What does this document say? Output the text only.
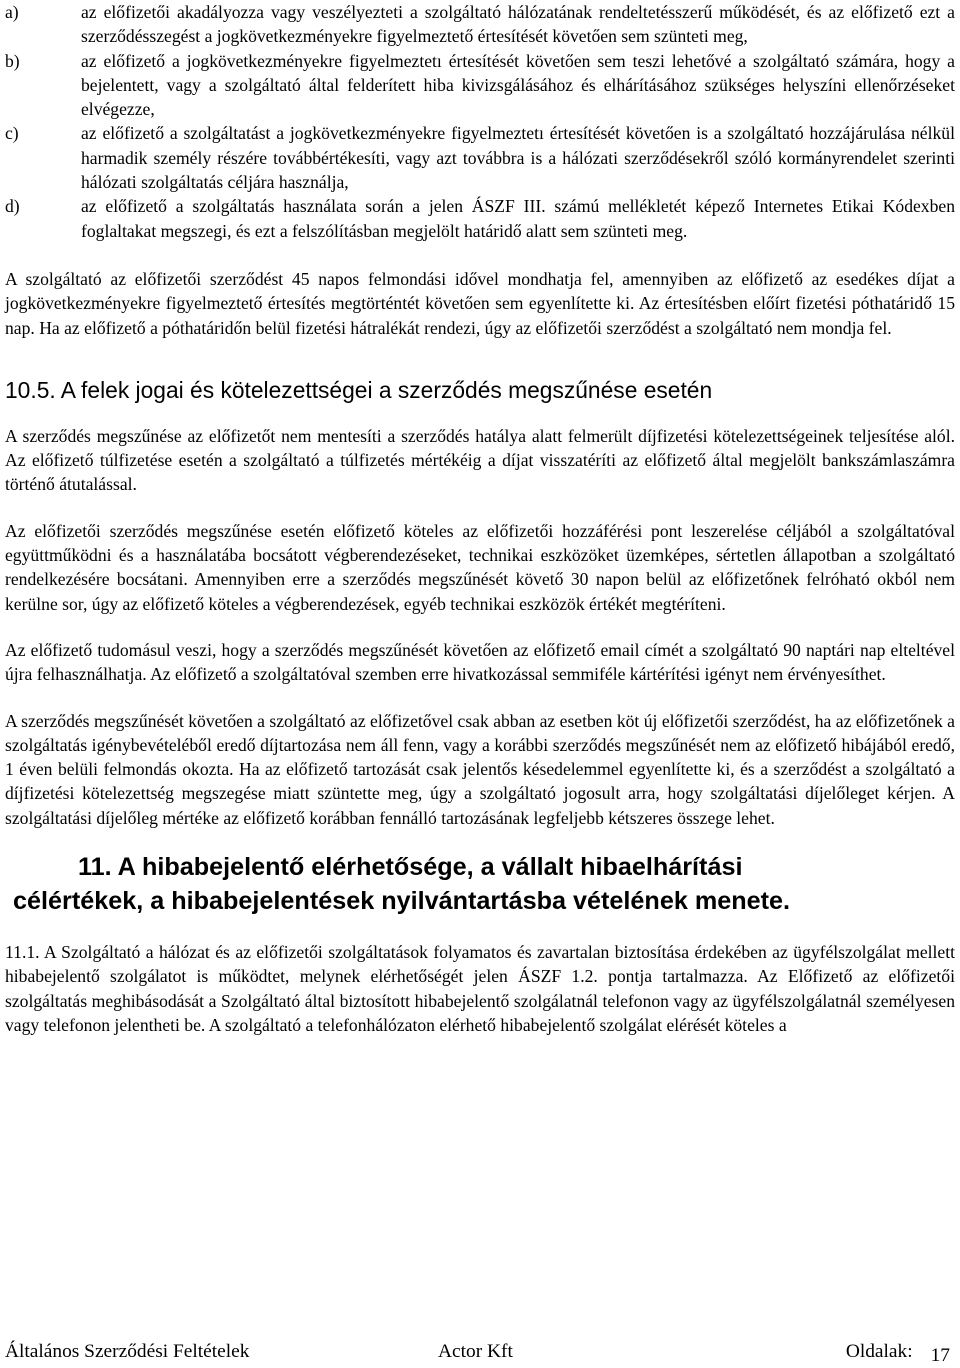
a)	az előfizetői akadályozza vagy veszélyezteti a szolgáltató hálózatának rendeltetésszerű működését, és az előfizető ezt a szerződésszegést a jogkövetkezményekre figyelmeztető értesítését követően sem szünteti meg,
b)	az előfizető a jogkövetkezményekre figyelmeztetı értesítését követően sem teszi lehetővé a szolgáltató számára, hogy a bejelentett, vagy a szolgáltató által felderített hiba kivizsgálásához és elhárításához szükséges helyszíni ellenőrzéseket elvégezze,
c)	az előfizető a szolgáltatást a jogkövetkezményekre figyelmeztetı értesítését követően is a szolgáltató hozzájárulása nélkül harmadik személy részére továbbértékesíti, vagy azt továbbra is a hálózati szerződésekről szóló kormányrendelet szerinti hálózati szolgáltatás céljára használja,
d)	az előfizető a szolgáltatás használata során a jelen ÁSZF III. számú mellékletét képező Internetes Etikai Kódexben foglaltakat megszegi, és ezt a felszólításban megjelölt határidő alatt sem szünteti meg.

A szolgáltató az előfizetői szerződést 45 napos felmondási idővel mondhatja fel, amennyiben az előfizető az esedékes díjat a jogkövetkezményekre figyelmeztető értesítés megtörténtét követően sem egyenlítette ki. Az értesítésben előírt fizetési póthatáridő 15 nap. Ha az előfizető a póthatáridőn belül fizetési hátralékát rendezi, úgy az előfizetői szerződést a szolgáltató nem mondja fel.

10.5. A felek jogai és kötelezettségei a szerződés megszűnése esetén

A szerződés megszűnése az előfizetőt nem mentesíti a szerződés hatálya alatt felmerült díjfizetési kötelezettségeinek teljesítése alól. Az előfizető túlfizetése esetén a szolgáltató a túlfizetés mértékéig a díjat visszatéríti az előfizető által megjelölt bankszámlaszámra történő átutalással.

Az előfizetői szerződés megszűnése esetén előfizető köteles az előfizetői hozzáférési pont leszerelése céljából a szolgáltatóval együttműködni és a használatába bocsátott végberendezéseket, technikai eszközöket üzemképes, sértetlen állapotban a szolgáltató rendelkezésére bocsátani. Amennyiben erre a szerződés megszűnését követő 30 napon belül az előfizetőnek felróható okból nem kerülne sor, úgy az előfizető köteles a végberendezések, egyéb technikai eszközök értékét megtéríteni.

Az előfizető tudomásul veszi, hogy a szerződés megszűnését követően az előfizető email címét a szolgáltató 90 naptári nap elteltével újra felhasználhatja. Az előfizető a szolgáltatóval szemben erre hivatkozással semmiféle kártérítési igényt nem érvényesíthet.

A szerződés megszűnését követően a szolgáltató az előfizetővel csak abban az esetben köt új előfizetői szerződést, ha az előfizetőnek a szolgáltatás igénybevételéből eredő díjtartozása nem áll fenn, vagy a korábbi szerződés megszűnését nem az előfizető hibájából eredő, 1 éven belüli felmondás okozta. Ha az előfizető tartozását csak jelentős késedelemmel egyenlítette ki, és a szerződést a szolgáltató a díjfizetési kötelezettség megszegése miatt szüntette meg, úgy a szolgáltató jogosult arra, hogy szolgáltatási díjelőleget kérjen. A szolgáltatási díjelőleg mértéke az előfizető korábban fennálló tartozásának legfeljebb kétszeres összege lehet.

11. A hibabejelentő elérhetősége, a vállalt hibaelhárítási
célértékek, a hibabejelentések nyilvántartásba vételének menete.

11.1. A Szolgáltató a hálózat és az előfizetői szolgáltatások folyamatos és zavartalan biztosítása érdekében az ügyfélszolgálat mellett hibabejelentő szolgálatot is működtet, melynek elérhetőségét jelen ÁSZF 1.2. pontja tartalmazza. Az Előfizető az előfizetői szolgáltatás meghibásodását a Szolgáltató által biztosított hibabejelentő szolgálatnál telefonon vagy az ügyfélszolgálatnál személyesen vagy telefonon jelentheti be. A szolgáltató a telefonhálózaton elérhető hibabejelentő szolgálat elérését köteles a

Általános Szerződési Feltételek	Actor Kft	Oldalak: 17
